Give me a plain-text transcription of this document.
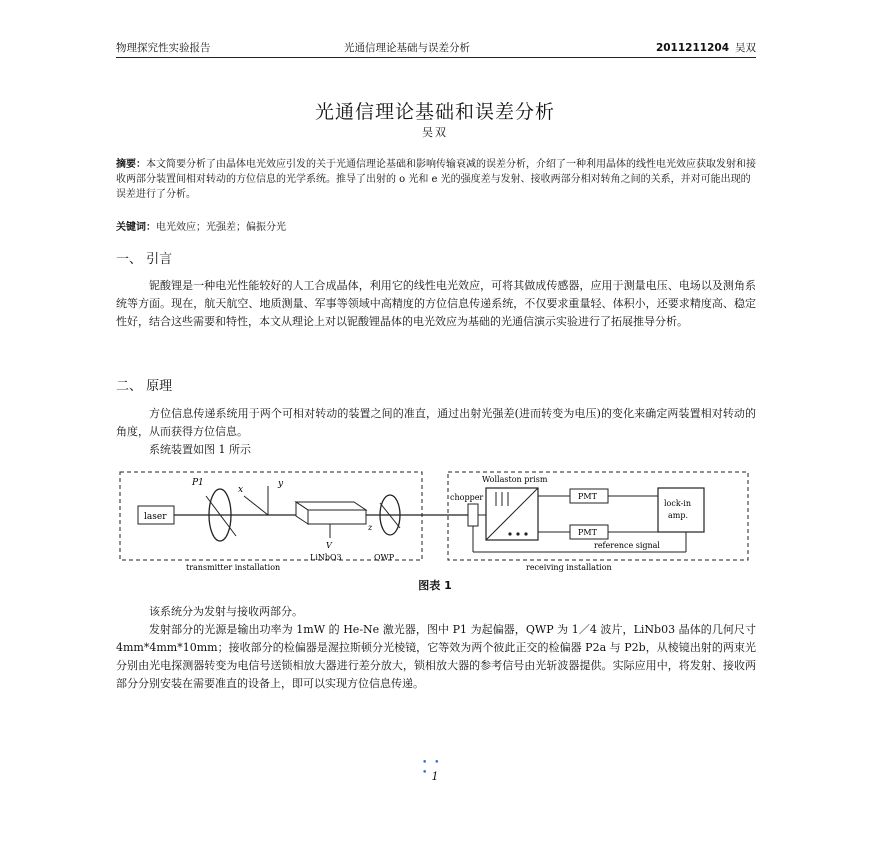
物理探究性实验报告	光通信理论基础与误差分析	2011211204 吴双
光通信理论基础和误差分析
吴双
摘要：本文简要分析了由晶体电光效应引发的关于光通信理论基础和影响传输衰减的误差分析，介绍了一种利用晶体的线性电光效应获取发射和接收两部分装置间相对转动的方位信息的光学系统。推导了出射的 o 光和 e 光的强度差与发射、接收两部分相对转角之间的关系，并对可能出现的误差进行了分析。
关键词：电光效应；光强差；偏振分光
一、 引言
铌酸锂是一种电光性能较好的人工合成晶体，利用它的线性电光效应，可将其做成传感器，应用于测量电压、电场以及测角系统等方面。现在，航天航空、地质测量、军事等领域中高精度的方位信息传递系统，不仅要求重量轻、体积小，还要求精度高、稳定性好，结合这些需要和特性，本文从理论上对以铌酸锂晶体的电光效应为基础的光通信演示实验进行了拓展推导分析。
二、 原理
方位信息传递系统用于两个可相对转动的装置之间的准直，通过出射光强差(进而转变为电压)的变化来确定两装置相对转动的角度，从而获得方位信息。
系统装置如图 1 所示
laser
P1	y
x
V
LiNbO3	QWP
z
transmitter installation
chopper
reference signal
Wollaston prism
PMT
PMT
lock-in
amp.
receiving installation
图表 1
该系统分为发射与接收两部分。
发射部分的光源是输出功率为 1mW 的 He-Ne 激光器，图中 P1 为起偏器，QWP 为 1／4 波片，LiNb03 晶体的几何尺寸 4mm*4mm*10mm；接收部分的检偏器是渥拉斯顿分光棱镜，它等效为两个彼此正交的检偏器 P2a 与 P2b，从棱镜出射的两束光分别由光电探测器转变为电信号送锁相放大器进行差分放大，锁相放大器的参考信号由光斩波器提供。实际应用中，将发射、接收两部分分别安装在需要准直的设备上，即可以实现方位信息传递。
• • • 1
